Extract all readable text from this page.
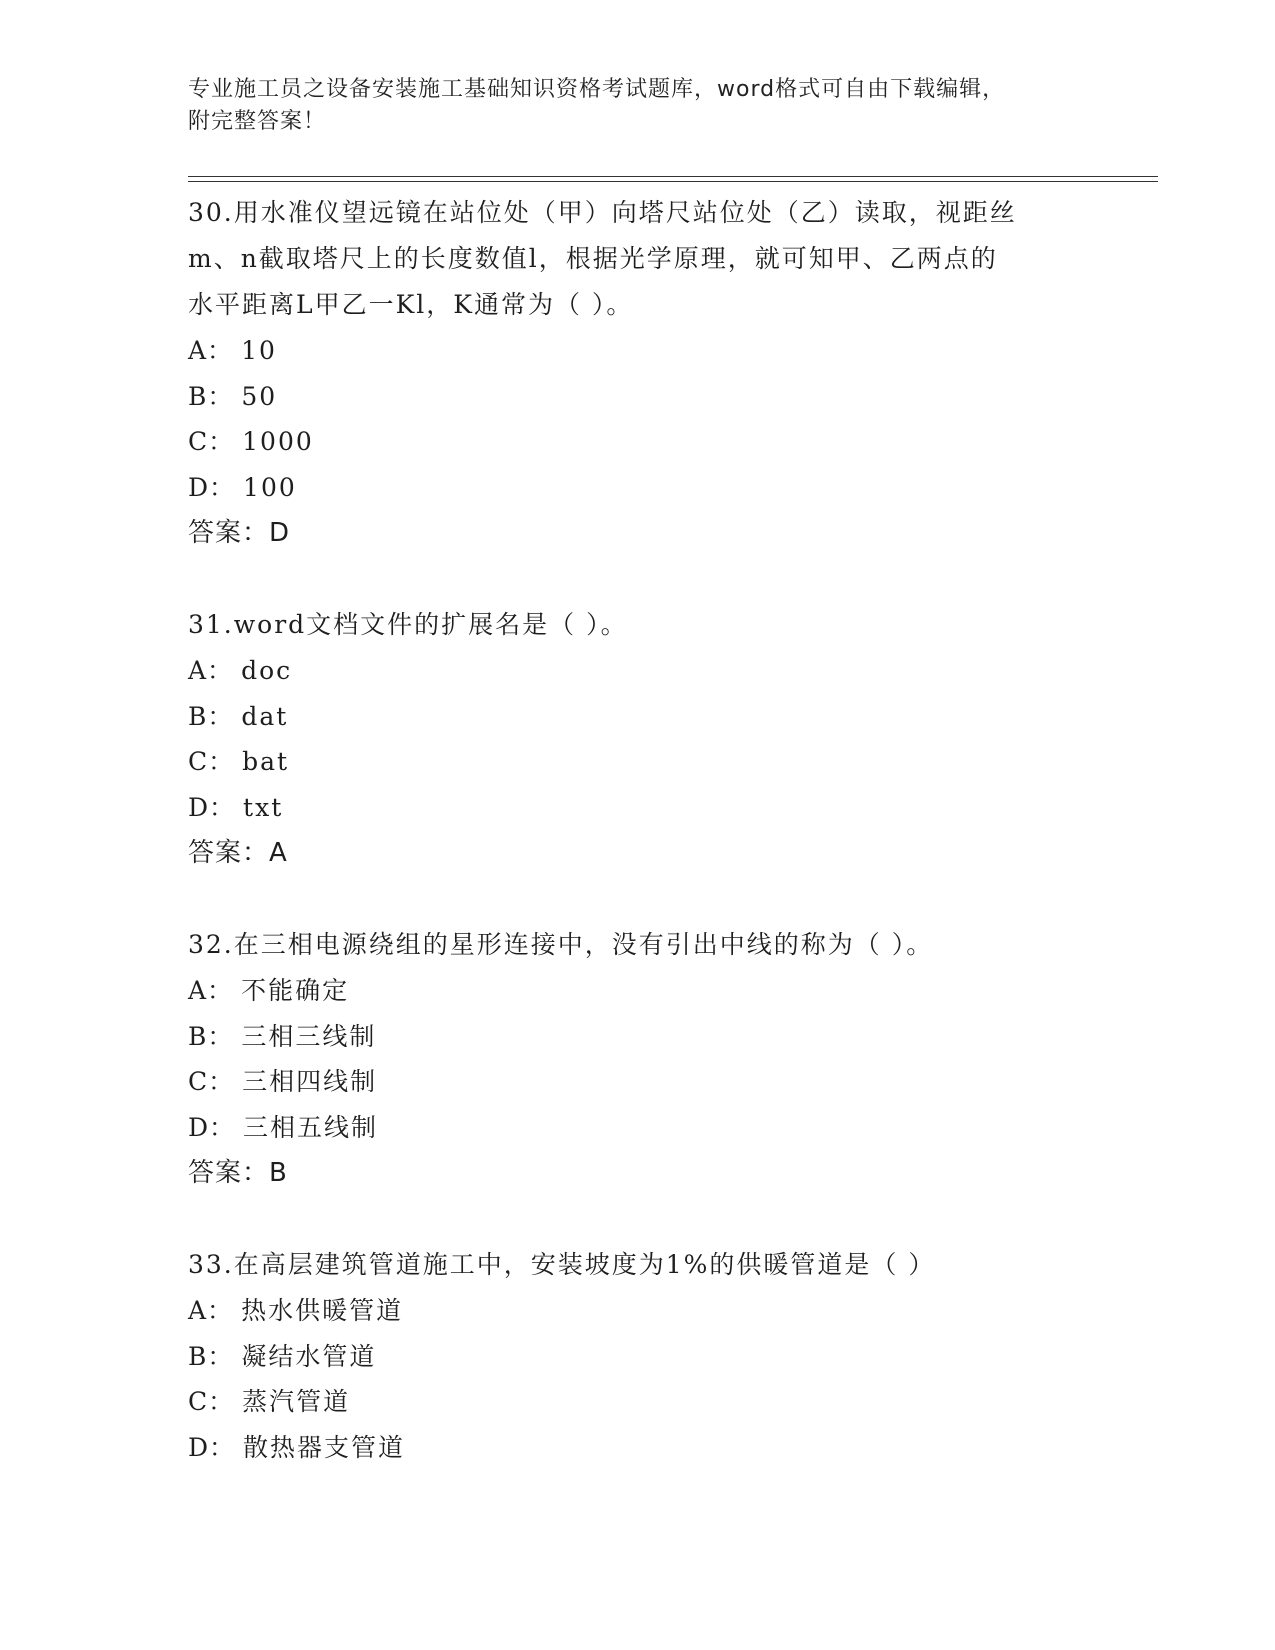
专业施工员之设备安装施工基础知识资格考试题库，word格式可自由下载编辑，
附完整答案！
30.用水准仪望远镜在站位处（甲）向塔尺站位处（乙）读取，视距丝
m、n截取塔尺上的长度数值l，根据光学原理，就可知甲、乙两点的
水平距离L甲乙一Kl，K通常为（ ）。
A： 10
B： 50
C： 1000
D： 100
答案：D
31.word文档文件的扩展名是（ ）。
A： doc
B： dat
C： bat
D： txt
答案：A
32.在三相电源绕组的星形连接中，没有引出中线的称为（ ）。
A： 不能确定
B： 三相三线制
C： 三相四线制
D： 三相五线制
答案：B
33.在高层建筑管道施工中，安装坡度为1%的供暖管道是（ ）
A： 热水供暖管道
B： 凝结水管道
C： 蒸汽管道
D： 散热器支管道
